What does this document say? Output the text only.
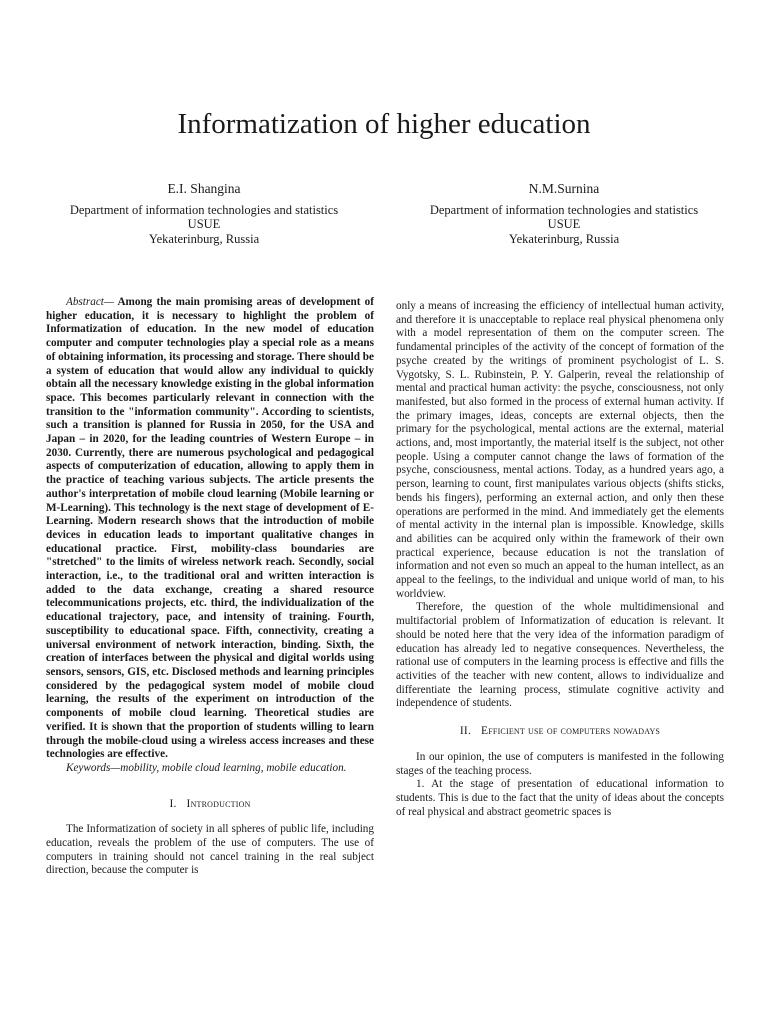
Informatization of higher education
E.I. Shangina
Department of information technologies and statistics
USUE
Yekaterinburg, Russia
N.M.Surnina
Department of information technologies and statistics
USUE
Yekaterinburg, Russia

Abstract— Among the main promising areas of development of higher education, it is necessary to highlight the problem of Informatization of education. In the new model of education computer and computer technologies play a special role as a means of obtaining information, its processing and storage. There should be a system of education that would allow any individual to quickly obtain all the necessary knowledge existing in the global information space. This becomes particularly relevant in connection with the transition to the "information community". According to scientists, such a transition is planned for Russia in 2050, for the USA and Japan – in 2020, for the leading countries of Western Europe – in 2030. Currently, there are numerous psychological and pedagogical aspects of computerization of education, allowing to apply them in the practice of teaching various subjects. The article presents the author's interpretation of mobile cloud learning (Mobile learning or M-Learning). This technology is the next stage of development of E-Learning. Modern research shows that the introduction of mobile devices in education leads to important qualitative changes in educational practice. First, mobility-class boundaries are "stretched" to the limits of wireless network reach. Secondly, social interaction, i.e., to the traditional oral and written interaction is added to the data exchange, creating a shared resource telecommunications projects, etc. third, the individualization of the educational trajectory, pace, and intensity of training. Fourth, susceptibility to educational space. Fifth, connectivity, creating a universal environment of network interaction, binding. Sixth, the creation of interfaces between the physical and digital worlds using sensors, sensors, GIS, etc. Disclosed methods and learning principles considered by the pedagogical system model of mobile cloud learning, the results of the experiment on introduction of the components of mobile cloud learning. Theoretical studies are verified. It is shown that the proportion of students willing to learn through the mobile-cloud using a wireless access increases and these technologies are effective.

Keywords—mobility, mobile cloud learning, mobile education.

I. Introduction

The Informatization of society in all spheres of public life, including education, reveals the problem of the use of computers. The use of computers in training should not cancel training in the real subject direction, because the computer is

only a means of increasing the efficiency of intellectual human activity, and therefore it is unacceptable to replace real physical phenomena only with a model representation of them on the computer screen. The fundamental principles of the activity of the concept of formation of the psyche created by the writings of prominent psychologist of L. S. Vygotsky, S. L. Rubinstein, P. Y. Galperin, reveal the relationship of mental and practical human activity: the psyche, consciousness, not only manifested, but also formed in the process of external human activity. If the primary images, ideas, concepts are external objects, then the primary for the psychological, mental actions are the external, material actions, and, most importantly, the material itself is the subject, not other people. Using a computer cannot change the laws of formation of the psyche, consciousness, mental actions. Today, as a hundred years ago, a person, learning to count, first manipulates various objects (shifts sticks, bends his fingers), performing an external action, and only then these operations are performed in the mind. And immediately get the elements of mental activity in the internal plan is impossible. Knowledge, skills and abilities can be acquired only within the framework of their own practical experience, because education is not the translation of information and not even so much an appeal to the human intellect, as an appeal to the feelings, to the individual and unique world of man, to his worldview.

Therefore, the question of the whole multidimensional and multifactorial problem of Informatization of education is relevant. It should be noted here that the very idea of the information paradigm of education has already led to negative consequences. Nevertheless, the rational use of computers in the learning process is effective and fills the activities of the teacher with new content, allows to individualize and differentiate the learning process, stimulate cognitive activity and independence of students.

II. Efficient use of computers nowadays

In our opinion, the use of computers is manifested in the following stages of the teaching process.

1. At the stage of presentation of educational information to students. This is due to the fact that the unity of ideas about the concepts of real physical and abstract geometric spaces is
